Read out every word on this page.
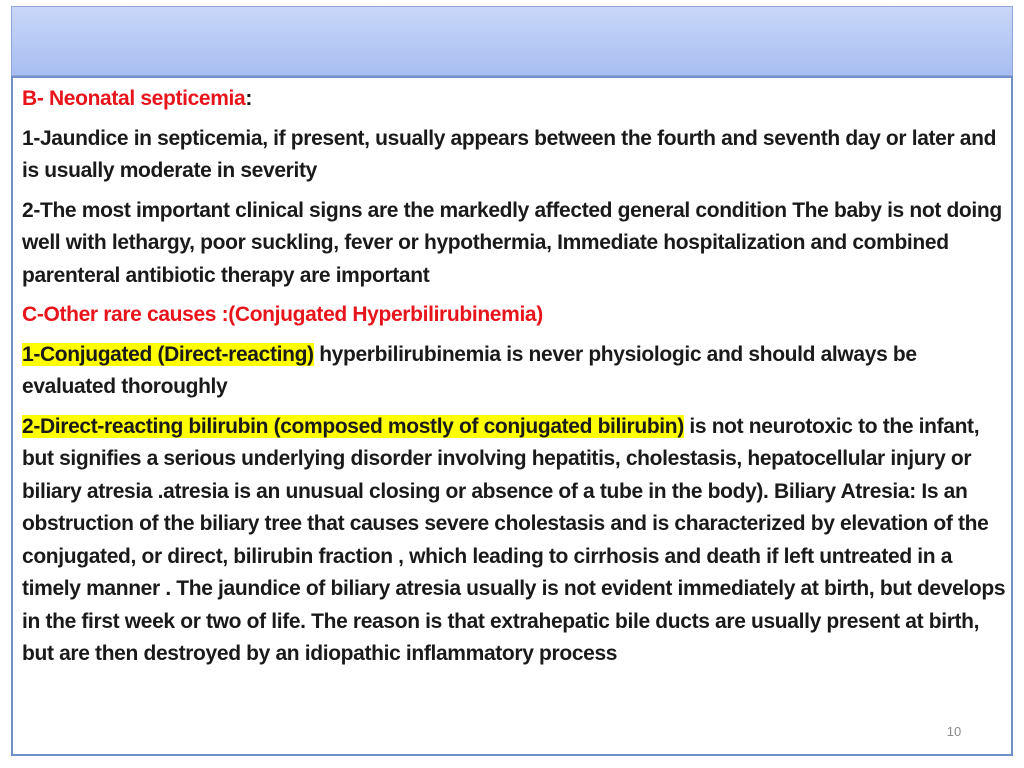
B- Neonatal septicemia:
1-Jaundice in septicemia, if present, usually appears between the fourth and seventh day or later and is usually moderate in severity
2-The most important clinical signs are the markedly affected general condition The baby is not doing well with lethargy, poor suckling, fever or hypothermia, Immediate hospitalization and combined parenteral antibiotic therapy are important
C-Other rare causes :(Conjugated Hyperbilirubinemia)
1-Conjugated (Direct-reacting) hyperbilirubinemia is never physiologic and should always be evaluated thoroughly
2-Direct-reacting bilirubin (composed mostly of conjugated bilirubin) is not neurotoxic to the infant, but signifies a serious underlying disorder involving hepatitis, cholestasis, hepatocellular injury or biliary atresia .atresia is an unusual closing or absence of a tube in the body). Biliary Atresia: Is an obstruction of the biliary tree that causes severe cholestasis and is characterized by elevation of the conjugated, or direct, bilirubin fraction , which leading to cirrhosis and death if left untreated in a timely manner . The jaundice of biliary atresia usually is not evident immediately at birth, but develops in the first week or two of life. The reason is that extrahepatic bile ducts are usually present at birth, but are then destroyed by an idiopathic inflammatory process
10
